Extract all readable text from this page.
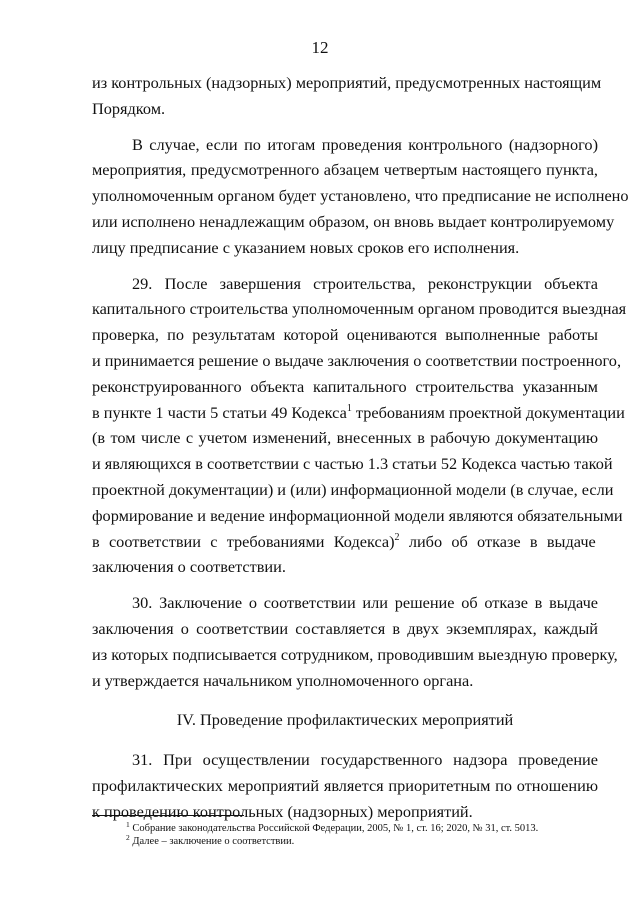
12
из контрольных (надзорных) мероприятий, предусмотренных настоящим
Порядком.
В случае, если по итогам проведения контрольного (надзорного)
мероприятия, предусмотренного абзацем четвертым настоящего пункта,
уполномоченным органом будет установлено, что предписание не исполнено
или исполнено ненадлежащим образом, он вновь выдает контролируемому
лицу предписание с указанием новых сроков его исполнения.
29. После завершения строительства, реконструкции объекта
капитального строительства уполномоченным органом проводится выездная
проверка, по результатам которой оцениваются выполненные работы
и принимается решение о выдаче заключения о соответствии построенного,
реконструированного объекта капитального строительства указанным
в пункте 1 части 5 статьи 49 Кодекса$^1$ требованиям проектной документации
(в том числе с учетом изменений, внесенных в рабочую документацию
и являющихся в соответствии с частью 1.3 статьи 52 Кодекса частью такой
проектной документации) и (или) информационной модели (в случае, если
формирование и ведение информационной модели являются обязательными
в соответствии с требованиями Кодекса)$^2$ либо об отказе в выдаче
заключения о соответствии.
30. Заключение о соответствии или решение об отказе в выдаче
заключения о соответствии составляется в двух экземплярах, каждый
из которых подписывается сотрудником, проводившим выездную проверку,
и утверждается начальником уполномоченного органа.
IV. Проведение профилактических мероприятий
31. При осуществлении государственного надзора проведение
профилактических мероприятий является приоритетным по отношению
к проведению контрольных (надзорных) мероприятий.
$^1$ Собрание законодательства Российской Федерации, 2005, № 1, ст. 16; 2020, № 31, ст. 5013.
$^2$ Далее – заключение о соответствии.
